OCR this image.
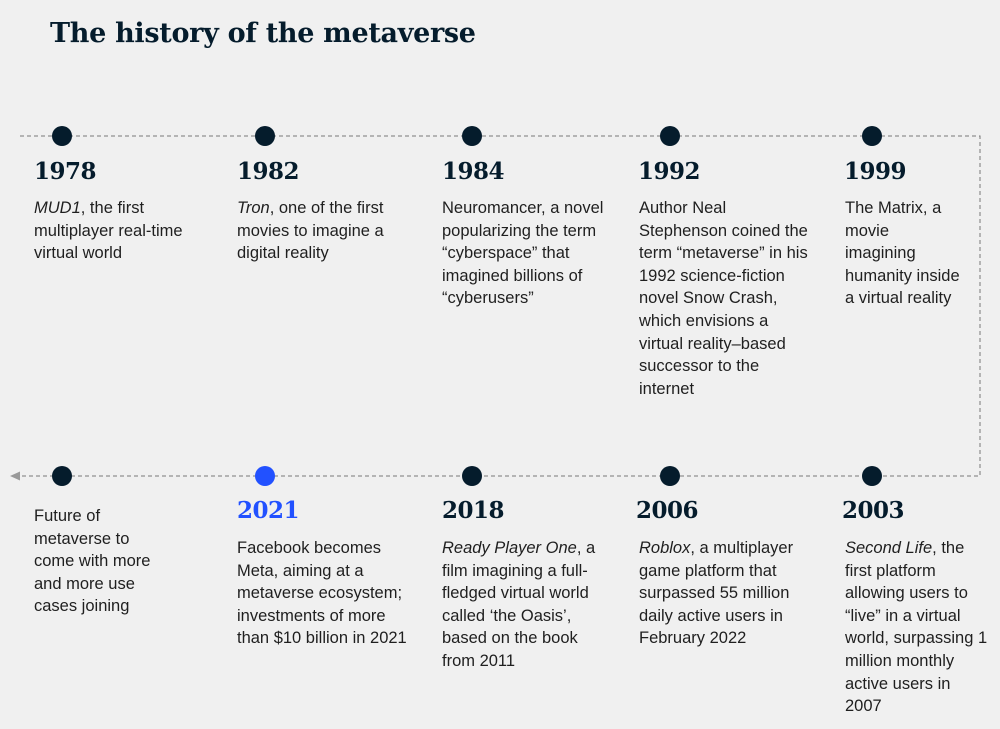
The history of the metaverse
1978
MUD1, the first multiplayer real-time virtual world
1982
Tron, one of the first movies to imagine a digital reality
1984
Neuromancer, a novel popularizing the term “cyberspace” that imagined billions of “cyberusers”
1992
Author Neal Stephenson coined the term “metaverse” in his 1992 science-fiction novel Snow Crash, which envisions a virtual reality–based successor to the internet
1999
The Matrix, a movie imagining humanity inside a virtual reality
Future of metaverse to come with more and more use cases joining
2021
Facebook becomes Meta, aiming at a metaverse ecosystem; investments of more than $10 billion in 2021
2018
Ready Player One, a film imagining a full-fledged virtual world called ‘the Oasis’, based on the book from 2011
2006
Roblox, a multiplayer game platform that surpassed 55 million daily active users in February 2022
2003
Second Life, the first platform allowing users to “live” in a virtual world, surpassing 1 million monthly active users in 2007
